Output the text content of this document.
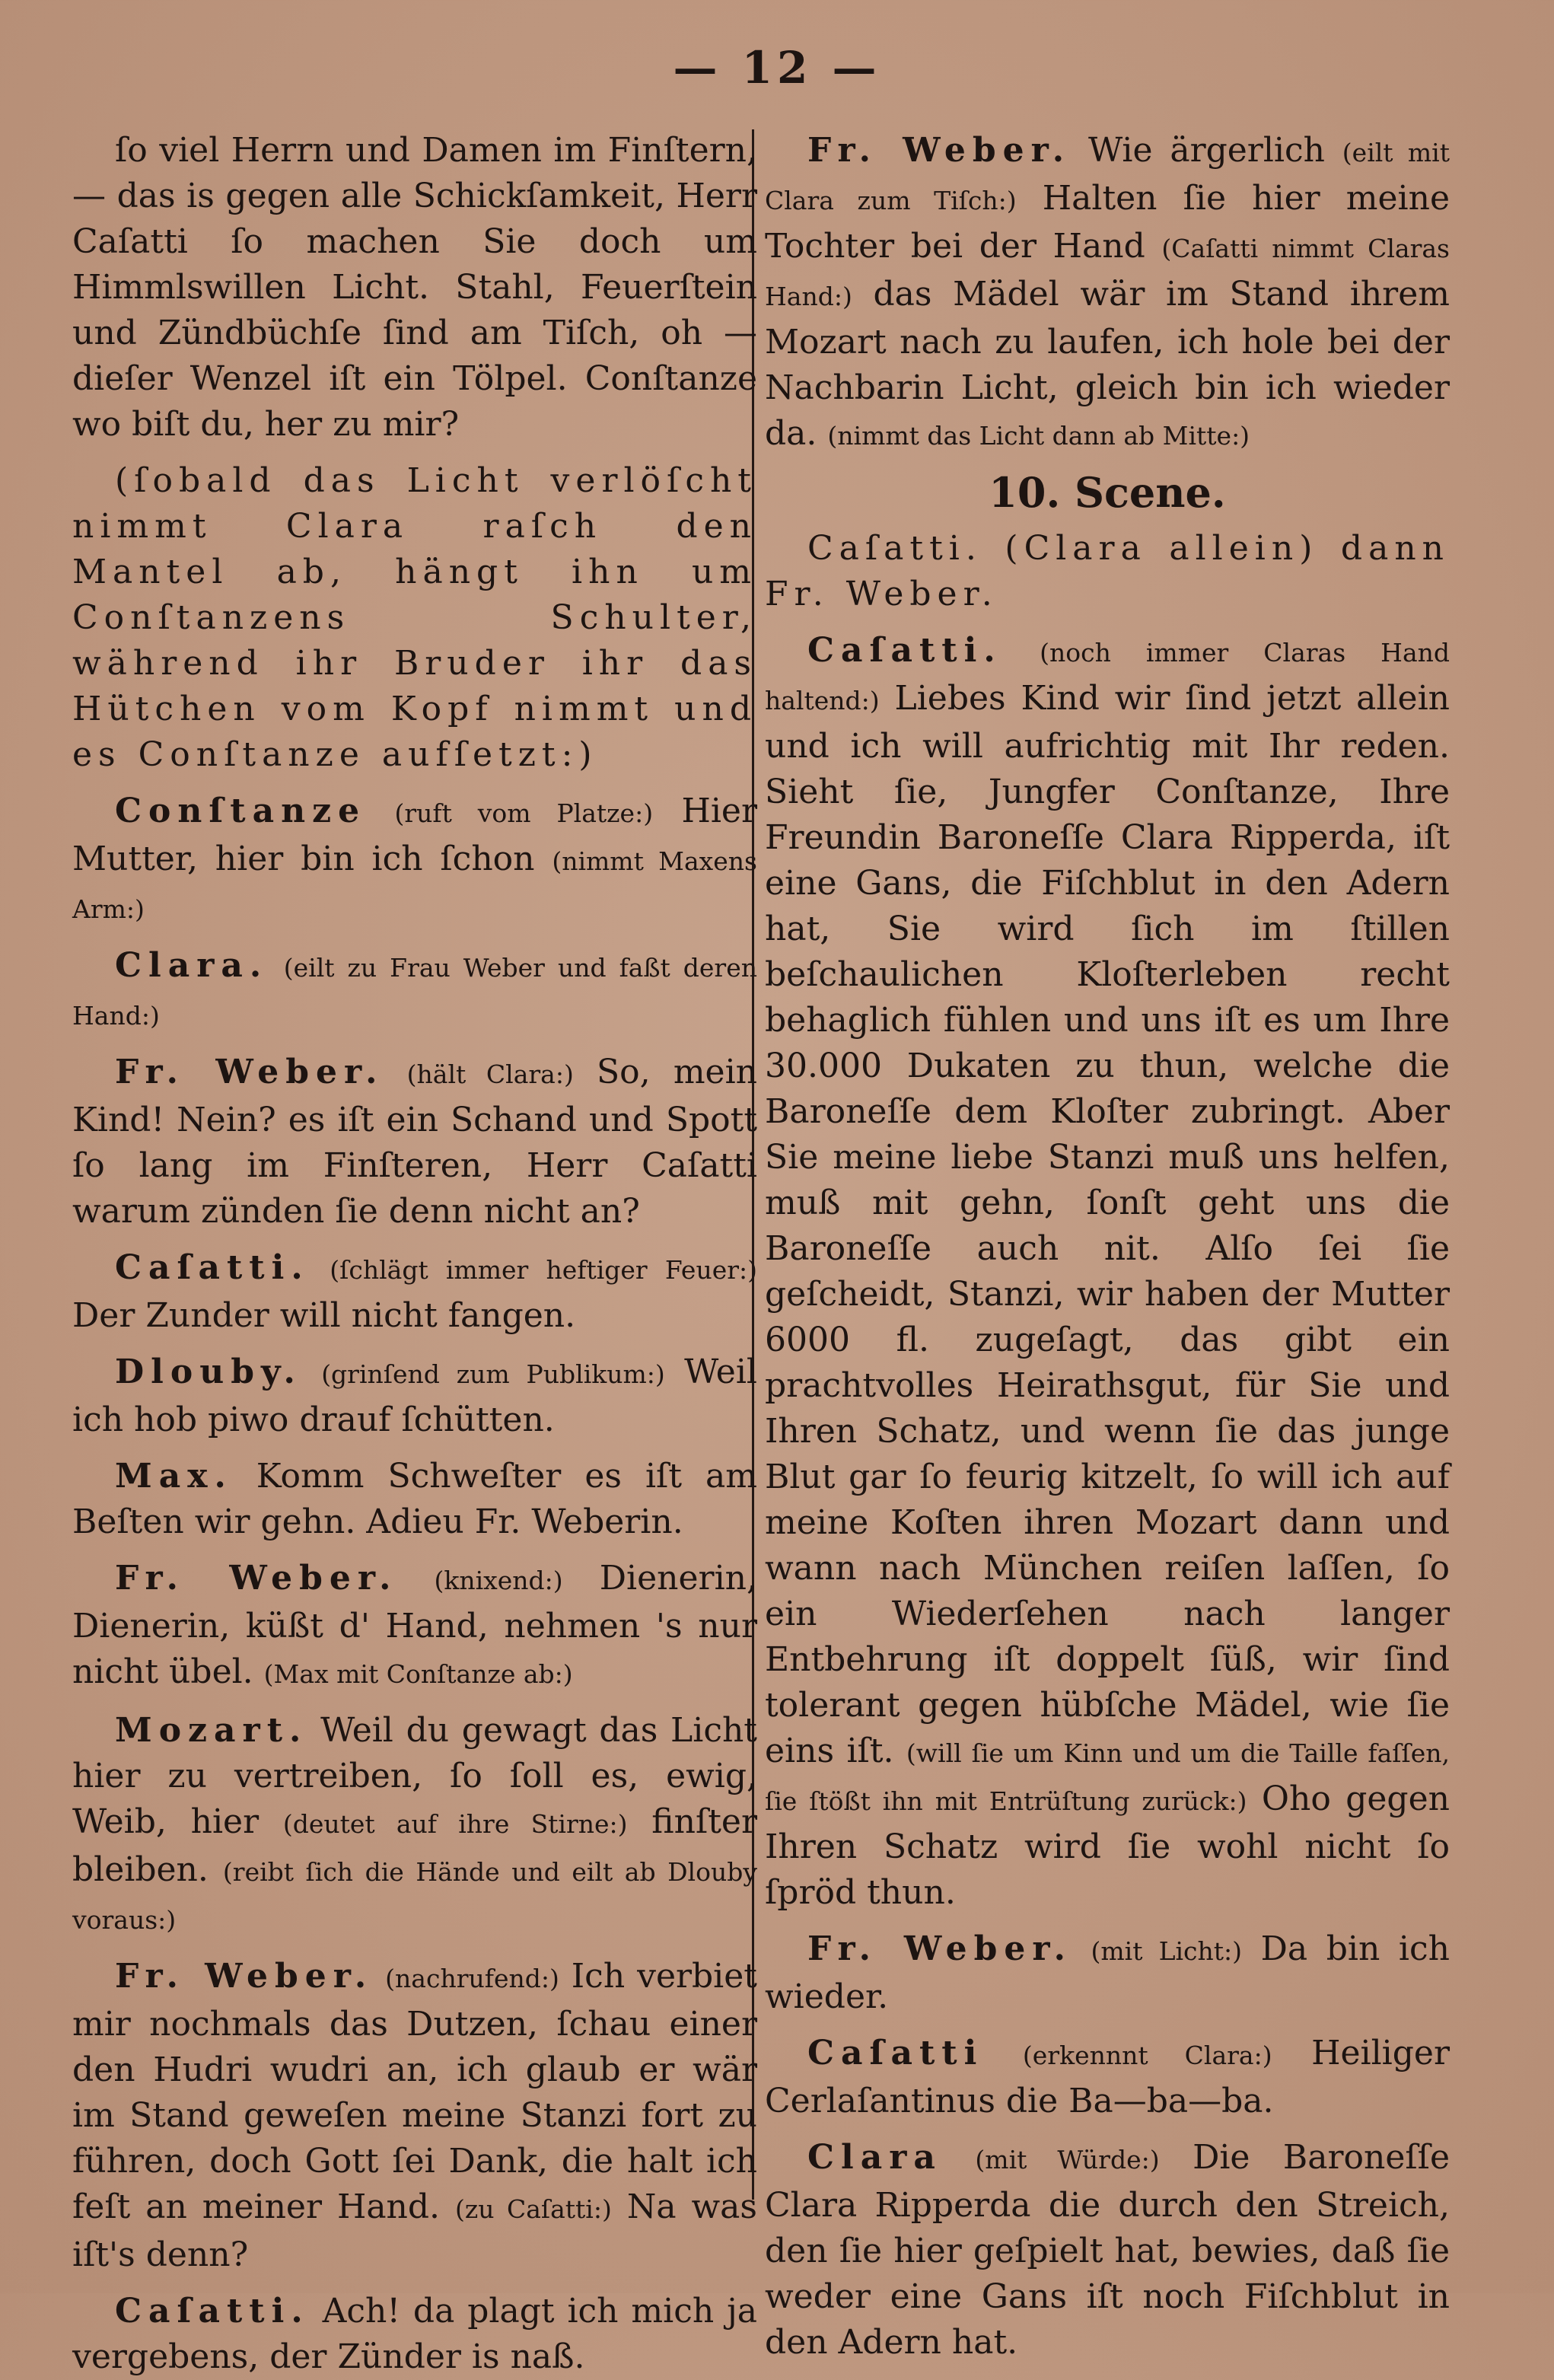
— 12 —

ſo viel Herrn und Damen im Finſtern, — das is gegen alle Schickſamkeit, Herr Caſatti ſo machen Sie doch um Himmlswillen Licht. Stahl, Feuerſtein und Zündbüchſe ſind am Tiſch, oh — dieſer Wenzel iſt ein Tölpel. Conſtanze wo biſt du, her zu mir?

(ſobald das Licht verlöſcht nimmt Clara raſch den Mantel ab, hängt ihn um Conſtanzens Schulter, während ihr Bruder ihr das Hütchen vom Kopf nimmt und es Conſtanze aufſetzt:)

Conſtanze (ruft vom Platze:) Hier Mutter, hier bin ich ſchon (nimmt Maxens Arm:)

Clara. (eilt zu Frau Weber und faßt deren Hand:)

Fr. Weber. (hält Clara:) So, mein Kind! Nein? es iſt ein Schand und Spott ſo lang im Finſteren, Herr Caſatti warum zünden ſie denn nicht an?

Caſatti. (ſchlägt immer heftiger Feuer:) Der Zunder will nicht fangen.

Dlouby. (grinſend zum Publikum:) Weil ich hob piwo drauf ſchütten.

Max. Komm Schweſter es iſt am Beſten wir gehn. Adieu Fr. Weberin.

Fr. Weber. (knixend:) Dienerin, Dienerin, küßt d' Hand, nehmen 's nur nicht übel. (Max mit Conſtanze ab:)

Mozart. Weil du gewagt das Licht hier zu vertreiben, ſo ſoll es, ewig, Weib, hier (deutet auf ihre Stirne:) finſter bleiben. (reibt ſich die Hände und eilt ab Dlouby voraus:)

Fr. Weber. (nachrufend:) Ich verbiet mir nochmals das Dutzen, ſchau einer den Hudri wudri an, ich glaub er wär im Stand geweſen meine Stanzi fort zu führen, doch Gott ſei Dank, die halt ich feſt an meiner Hand. (zu Caſatti:) Na was iſt's denn?

Caſatti. Ach! da plagt ich mich ja vergebens, der Zünder is naß.

Fr. Weber. Wie ärgerlich (eilt mit Clara zum Tiſch:) Halten ſie hier meine Tochter bei der Hand (Caſatti nimmt Claras Hand:) das Mädel wär im Stand ihrem Mozart nach zu laufen, ich hole bei der Nachbarin Licht, gleich bin ich wieder da. (nimmt das Licht dann ab Mitte:)

10. Scene.

Caſatti. (Clara allein) dann Fr. Weber.

Caſatti. (noch immer Claras Hand haltend:) Liebes Kind wir ſind jetzt allein und ich will aufrichtig mit Ihr reden. Sieht ſie, Jungfer Conſtanze, Ihre Freundin Baroneſſe Clara Ripperda, iſt eine Gans, die Fiſchblut in den Adern hat, Sie wird ſich im ſtillen beſchaulichen Kloſterleben recht behaglich fühlen und uns iſt es um Ihre 30.000 Dukaten zu thun, welche die Baroneſſe dem Kloſter zubringt. Aber Sie meine liebe Stanzi muß uns helfen, muß mit gehn, ſonſt geht uns die Baroneſſe auch nit. Alſo ſei ſie geſcheidt, Stanzi, wir haben der Mutter 6000 fl. zugeſagt, das gibt ein prachtvolles Heirathsgut, für Sie und Ihren Schatz, und wenn ſie das junge Blut gar ſo feurig kitzelt, ſo will ich auf meine Koſten ihren Mozart dann und wann nach München reiſen laſſen, ſo ein Wiederſehen nach langer Entbehrung iſt doppelt ſüß, wir ſind tolerant gegen hübſche Mädel, wie ſie eins iſt. (will ſie um Kinn und um die Taille faſſen, ſie ſtößt ihn mit Entrüſtung zurück:) Oho gegen Ihren Schatz wird ſie wohl nicht ſo ſpröd thun.

Fr. Weber. (mit Licht:) Da bin ich wieder.

Caſatti (erkennnt Clara:) Heiliger Cerlaſantinus die Ba—ba—ba.

Clara (mit Würde:) Die Baroneſſe Clara Ripperda die durch den Streich, den ſie hier geſpielt hat, bewies, daß ſie weder eine Gans iſt noch Fiſchblut in den Adern hat.
